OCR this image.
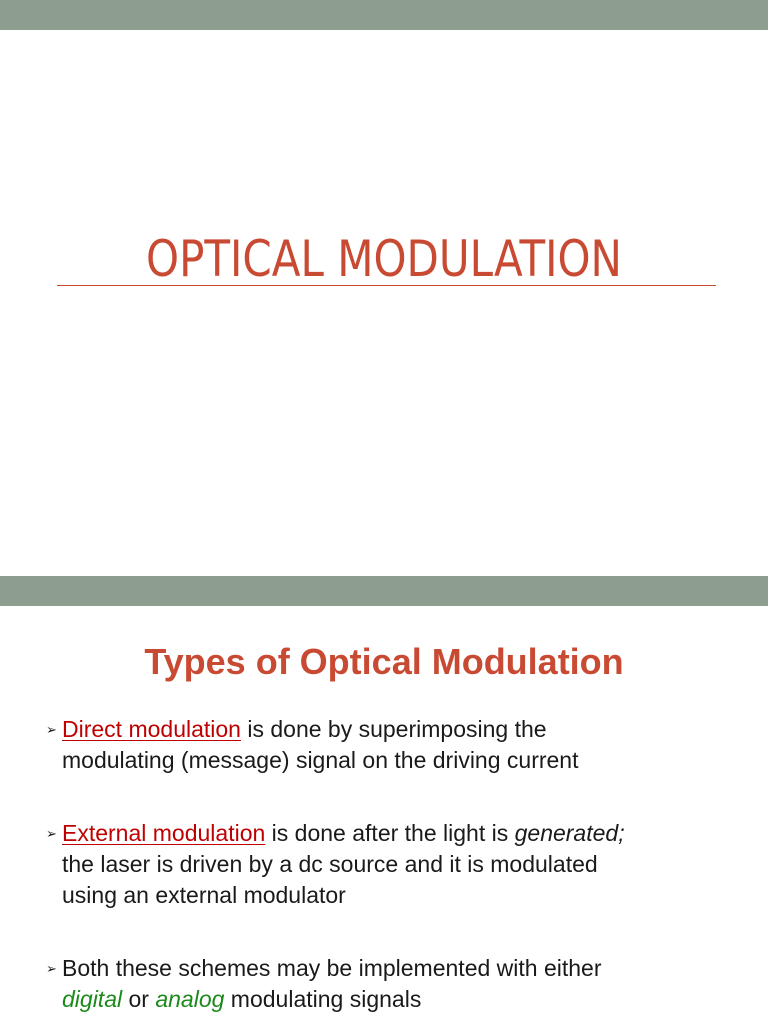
OPTICAL MODULATION
Types of Optical Modulation
➢ Direct modulation is done by superimposing the
modulating (message) signal on the driving current
➢ External modulation is done after the light is generated;
the laser is driven by a dc source and it is modulated
using an external modulator
➢ Both these schemes may be implemented with either
digital or analog modulating signals
